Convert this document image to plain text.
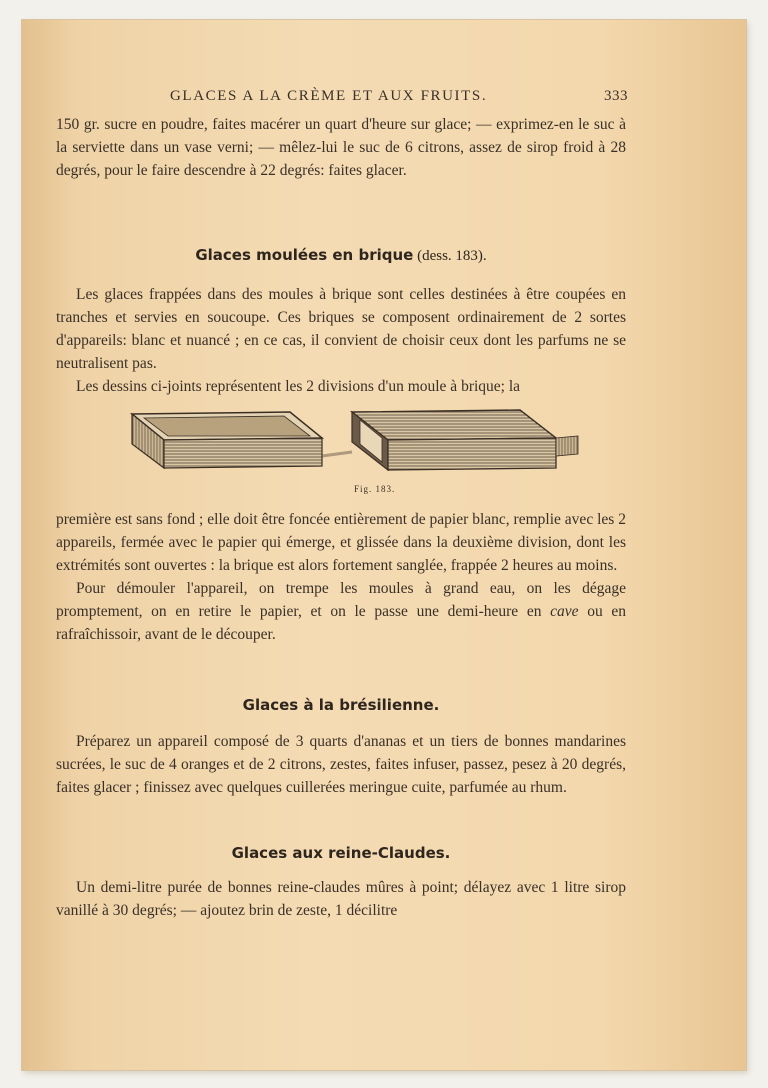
GLACES A LA CRÈME ET AUX FRUITS.	333

150 gr. sucre en poudre, faites macérer un quart d'heure sur glace; — exprimez-en le suc à la serviette dans un vase verni; — mêlez-lui le suc de 6 citrons, assez de sirop froid à 28 degrés, pour le faire descendre à 22 degrés: faites glacer.

Glaces moulées en brique (dess. 183).

Les glaces frappées dans des moules à brique sont celles destinées à être coupées en tranches et servies en soucoupe. Ces briques se composent ordinairement de 2 sortes d'appareils: blanc et nuancé ; en ce cas, il convient de choisir ceux dont les parfums ne se neutralisent pas.

Les dessins ci-joints représentent les 2 divisions d'un moule à brique; la

Fig. 183.

première est sans fond ; elle doit être foncée entièrement de papier blanc, remplie avec les 2 appareils, fermée avec le papier qui émerge, et glissée dans la deuxième division, dont les extrémités sont ouvertes : la brique est alors fortement sanglée, frappée 2 heures au moins.

Pour démouler l'appareil, on trempe les moules à grand eau, on les dégage promptement, on en retire le papier, et on le passe une demi-heure en cave ou en rafraîchissoir, avant de le découper.

Glaces à la brésilienne.

Préparez un appareil composé de 3 quarts d'ananas et un tiers de bonnes mandarines sucrées, le suc de 4 oranges et de 2 citrons, zestes, faites infuser, passez, pesez à 20 degrés, faites glacer ; finissez avec quelques cuillerées meringue cuite, parfumée au rhum.

Glaces aux reine-Claudes.

Un demi-litre purée de bonnes reine-claudes mûres à point; délayez avec 1 litre sirop vanillé à 30 degrés; — ajoutez brin de zeste, 1 décilitre
